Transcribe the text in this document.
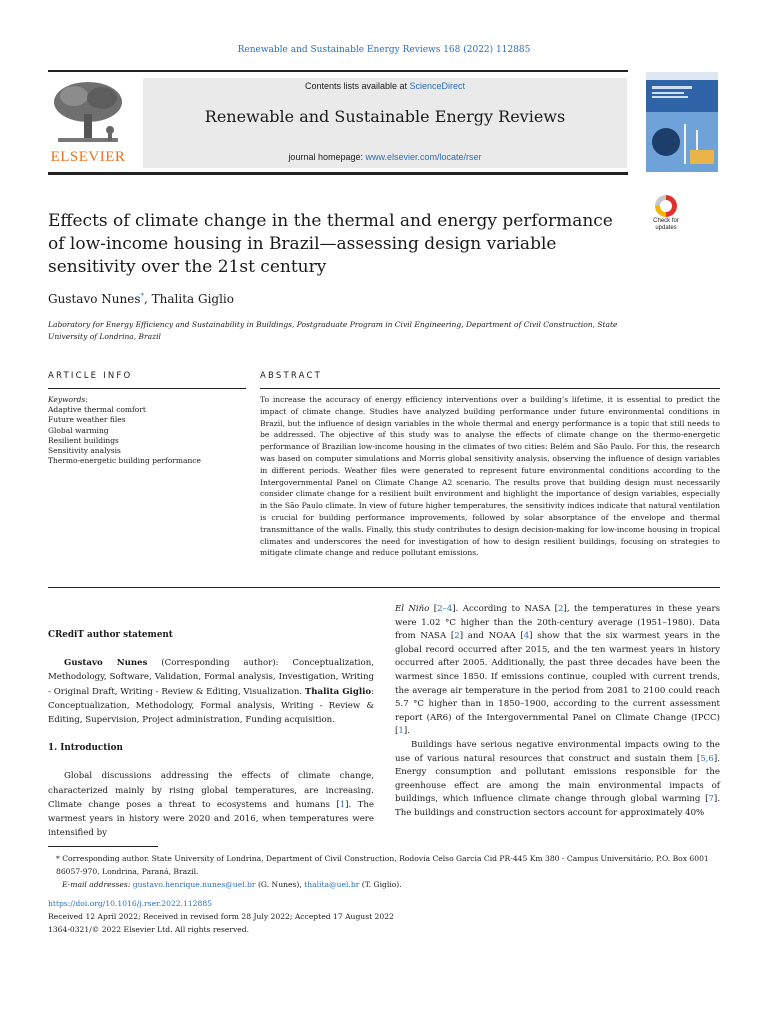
Renewable and Sustainable Energy Reviews 168 (2022) 112885
ELSEVIER
Contents lists available at ScienceDirect
Renewable and Sustainable Energy Reviews
journal homepage: www.elsevier.com/locate/rser
Check for
updates
Effects of climate change in the thermal and energy performance of low-income housing in Brazil—assessing design variable sensitivity over the 21st century
Gustavo Nunes*, Thalita Giglio
Laboratory for Energy Efficiency and Sustainability in Buildings, Postgraduate Program in Civil Engineering, Department of Civil Construction, State University of Londrina, Brazil
ARTICLE INFO	ABSTRACT
Keywords:
Adaptive thermal comfort
Future weather files
Global warming
Resilient buildings
Sensitivity analysis
Thermo-energetic building performance
To increase the accuracy of energy efficiency interventions over a building’s lifetime, it is essential to predict the impact of climate change. Studies have analyzed building performance under future environmental conditions in Brazil, but the influence of design variables in the whole thermal and energy performance is a topic that still needs to be addressed. The objective of this study was to analyse the effects of climate change on the thermo-energetic performance of Brazilian low-income housing in the climates of two cities: Belém and São Paulo. For this, the research was based on computer simulations and Morris global sensitivity analysis, observing the influence of design variables in different periods. Weather files were generated to represent future environmental conditions according to the Intergovernmental Panel on Climate Change A2 scenario. The results prove that building design must necessarily consider climate change for a resilient built environment and highlight the importance of design variables, especially in the São Paulo climate. In view of future higher temperatures, the sensitivity indices indicate that natural ventilation is crucial for building performance improvements, followed by solar absorptance of the envelope and thermal transmittance of the walls. Finally, this study contributes to design decision-making for low-income housing in tropical climates and underscores the need for investigation of how to design resilient buildings, focusing on strategies to mitigate climate change and reduce pollutant emissions.
CRediT author statement

Gustavo Nunes (Corresponding author): Conceptualization, Methodology, Software, Validation, Formal analysis, Investigation, Writing - Original Draft, Writing - Review & Editing, Visualization. Thalita Giglio: Conceptualization, Methodology, Formal analysis, Writing - Review & Editing, Supervision, Project administration, Funding acquisition.

1. Introduction

Global discussions addressing the effects of climate change, characterized mainly by rising global temperatures, are increasing. Climate change poses a threat to ecosystems and humans [1]. The warmest years in history were 2020 and 2016, when temperatures were intensified by

El Niño [2–4]. According to NASA [2], the temperatures in these years were 1.02 °C higher than the 20th-century average (1951–1980). Data from NASA [2] and NOAA [4] show that the six warmest years in the global record occurred after 2015, and the ten warmest years in history occurred after 2005. Additionally, the past three decades have been the warmest since 1850. If emissions continue, coupled with current trends, the average air temperature in the period from 2081 to 2100 could reach 5.7 °C higher than in 1850–1900, according to the current assessment report (AR6) of the Intergovernmental Panel on Climate Change (IPCC) [1].

Buildings have serious negative environmental impacts owing to the use of various natural resources that construct and sustain them [5,6]. Energy consumption and pollutant emissions responsible for the greenhouse effect are among the main environmental impacts of buildings, which influence climate change through global warming [7]. The buildings and construction sectors account for approximately 40%

* Corresponding author. State University of Londrina, Department of Civil Construction, Rodovia Celso Garcia Cid PR-445 Km 380 - Campus Universitário, P.O. Box 6001 86057-970, Londrina, Paraná, Brazil.
E-mail addresses: gustavo.henrique.nunes@uel.br (G. Nunes), thalita@uel.br (T. Giglio).
https://doi.org/10.1016/j.rser.2022.112885
Received 12 April 2022; Received in revised form 28 July 2022; Accepted 17 August 2022
1364-0321/© 2022 Elsevier Ltd. All rights reserved.
